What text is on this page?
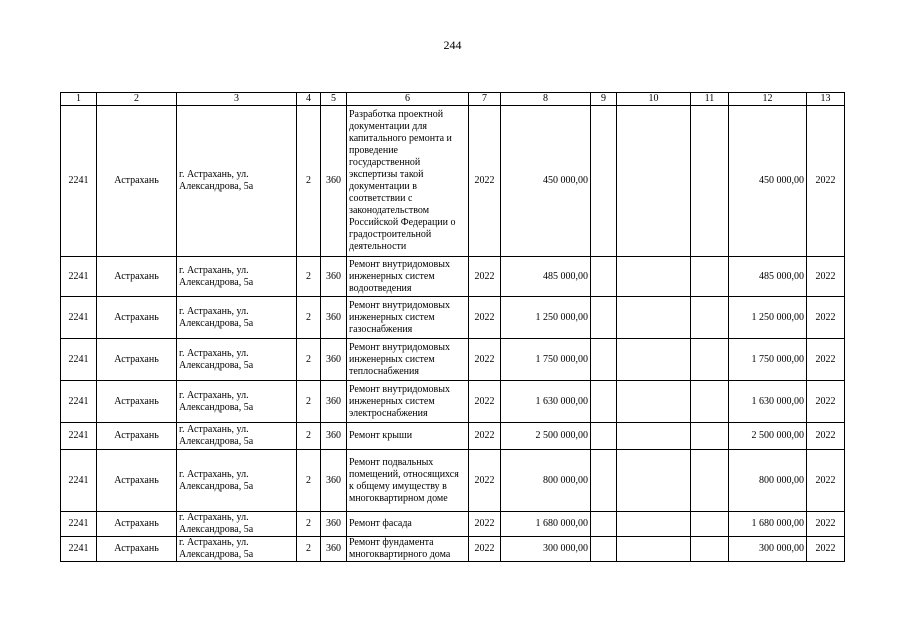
244
1	2	3	4	5	6	7	8	9	10	11	12	13
2241	Астрахань	г. Астрахань, ул. Александрова, 5а	2	360	Разработка проектной документации для капитального ремонта и проведение государственной экспертизы такой документации в соответствии с законодательством Российской Федерации о градостроительной деятельности	2022	450 000,00				450 000,00	2022
2241	Астрахань	г. Астрахань, ул. Александрова, 5а	2	360	Ремонт внутридомовых инженерных систем водоотведения	2022	485 000,00				485 000,00	2022
2241	Астрахань	г. Астрахань, ул. Александрова, 5а	2	360	Ремонт внутридомовых инженерных систем газоснабжения	2022	1 250 000,00				1 250 000,00	2022
2241	Астрахань	г. Астрахань, ул. Александрова, 5а	2	360	Ремонт внутридомовых инженерных систем теплоснабжения	2022	1 750 000,00				1 750 000,00	2022
2241	Астрахань	г. Астрахань, ул. Александрова, 5а	2	360	Ремонт внутридомовых инженерных систем электроснабжения	2022	1 630 000,00				1 630 000,00	2022
2241	Астрахань	г. Астрахань, ул. Александрова, 5а	2	360	Ремонт крыши	2022	2 500 000,00				2 500 000,00	2022
2241	Астрахань	г. Астрахань, ул. Александрова, 5а	2	360	Ремонт подвальных помещений, относящихся к общему имуществу в многоквартирном доме	2022	800 000,00				800 000,00	2022
2241	Астрахань	г. Астрахань, ул. Александрова, 5а	2	360	Ремонт фасада	2022	1 680 000,00				1 680 000,00	2022
2241	Астрахань	г. Астрахань, ул. Александрова, 5а	2	360	Ремонт фундамента многоквартирного дома	2022	300 000,00				300 000,00	2022
